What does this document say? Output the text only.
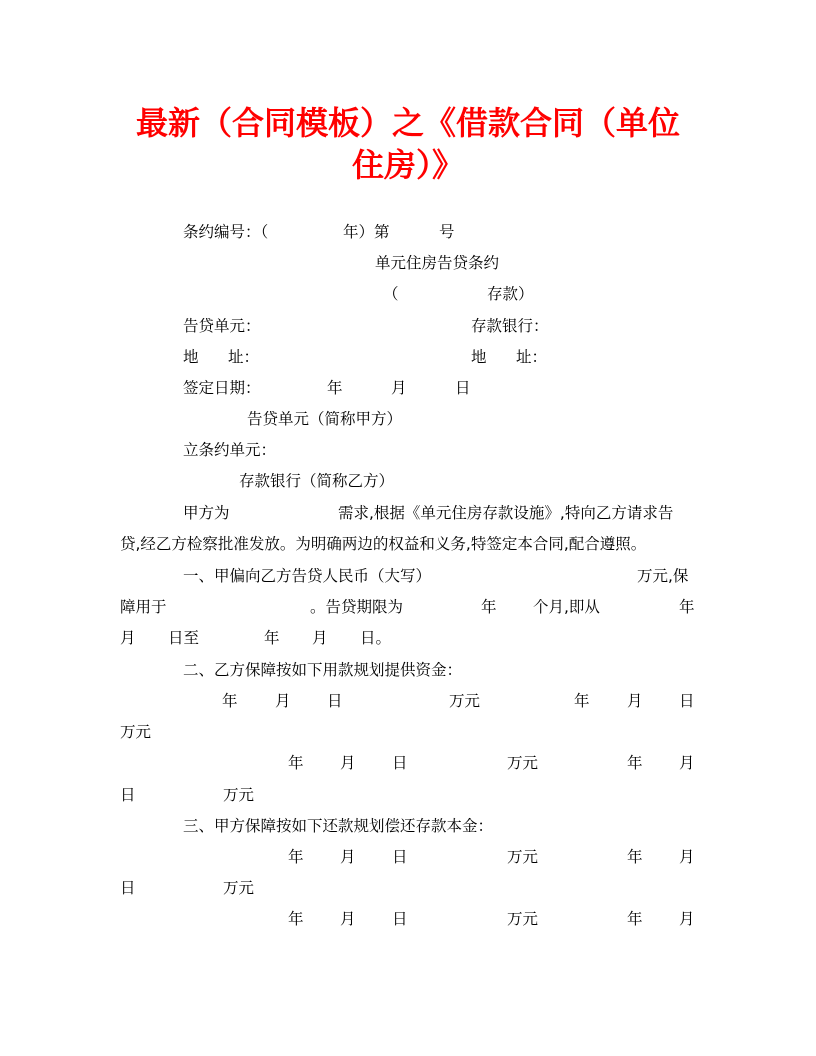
最新（合同模板）之《借款合同（单位
住房）》
条约编号：（	年）第	号
单元住房告贷条约
（	存款）
告贷单元：	存款银行：
地      址：	地      址：
签定日期：	年	月	日
告贷单元（简称甲方）
立条约单元：
存款银行（简称乙方）
甲方为	需求,根据《单元住房存款设施》,特向乙方请求告
贷,经乙方检察批准发放。为明确两边的权益和义务,特签定本合同,配合遵照。
一、甲偏向乙方告贷人民币（大写）	万元,保
障用于	。告贷期限为	年 个月,即从	年
月 日至	年 月 日。
二、乙方保障按如下用款规划提供资金：
年 月 日	万元	年 月 日
万元
年 月 日	万元	年 月
日	万元
三、甲方保障按如下还款规划偿还存款本金：
年 月 日	万元	年 月
日	万元
年 月 日	万元	年 月
